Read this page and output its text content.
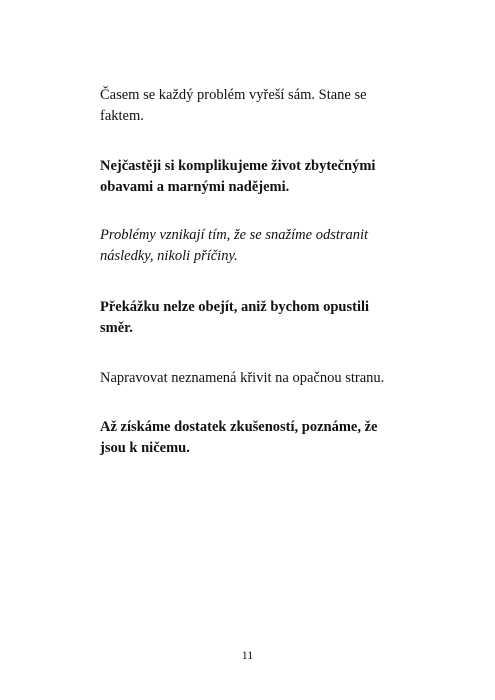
Časem se každý problém vyřeší sám. Stane se faktem.

Nejčastěji si komplikujeme život zbytečnými obavami a marnými nadějemi.

Problémy vznikají tím, že se snažíme odstranit následky, nikoli příčiny.

Překážku nelze obejít, aniž bychom opustili směr.

Napravovat neznamená křivit na opačnou stranu.

Až získáme dostatek zkušeností, poznáme, že jsou k ničemu.

11
